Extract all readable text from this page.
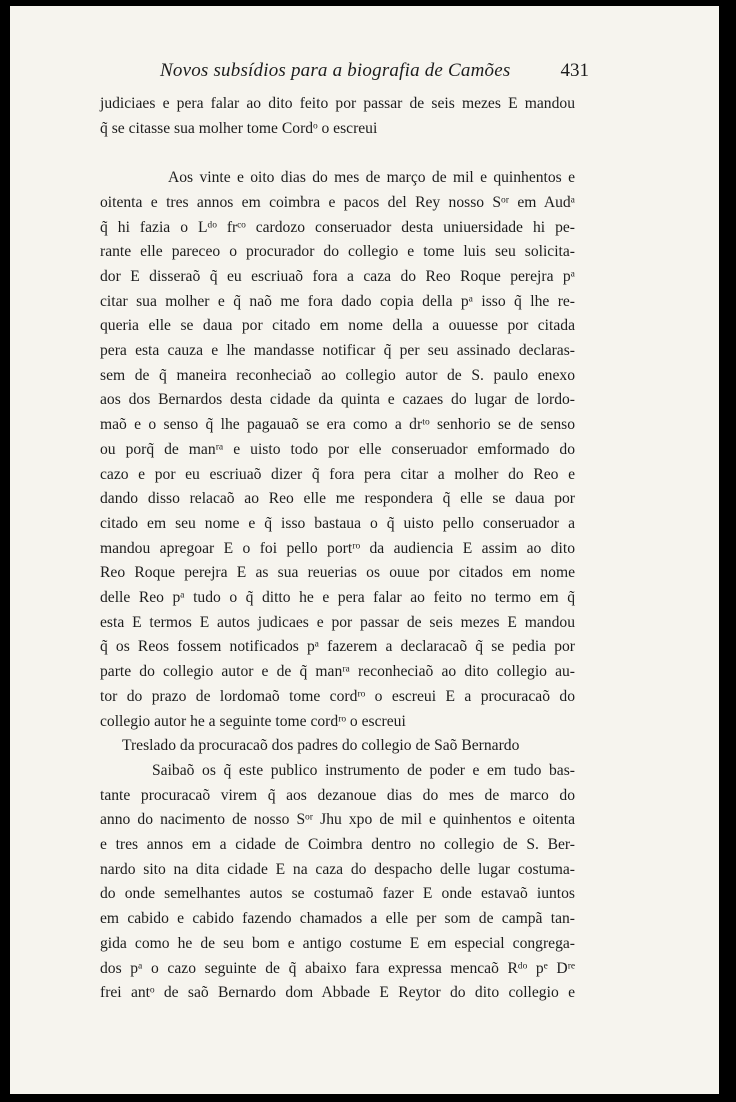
Novos subsídios para a biografia de Camões	431

judiciaes e pera falar ao dito feito por passar de seis mezes E mandou
q̃ se citasse sua molher tome Cordᵒ o escreui

Aos vinte e oito dias do mes de março de mil e quinhentos e
oitenta e tres annos em coimbra e pacos del Rey nosso Sᵒʳ em Audᵃ
q̃ hi fazia o Lᵈᵒ frᶜᵒ cardozo conseruador desta uniuersidade hi pe-
rante elle pareceo o procurador do collegio e tome luis seu solicita-
dor E disseraõ q̃ eu escriuaõ fora a caza do Reo Roque perejra pᵃ
citar sua molher e q̃ naõ me fora dado copia della pᵃ isso q̃ lhe re-
queria elle se daua por citado em nome della a ouuesse por citada
pera esta cauza e lhe mandasse notificar q̃ per seu assinado declaras-
sem de q̃ maneira reconheciaõ ao collegio autor de S. paulo enexo
aos dos Bernardos desta cidade da quinta e cazaes do lugar de lordo-
maõ e o senso q̃ lhe pagauaõ se era como a drᵗᵒ senhorio se de senso
ou porq̃ de manʳᵃ e uisto todo por elle conseruador emformado do
cazo e por eu escriuaõ dizer q̃ fora pera citar a molher do Reo e
dando disso relacaõ ao Reo elle me respondera q̃ elle se daua por
citado em seu nome e q̃ isso bastaua o q̃ uisto pello conseruador a
mandou apregoar E o foi pello portʳᵒ da audiencia E assim ao dito
Reo Roque perejra E as sua reuerias os ouue por citados em nome
delle Reo pᵃ tudo o q̃ ditto he e pera falar ao feito no termo em q̃
esta E termos E autos judicaes e por passar de seis mezes E mandou
q̃ os Reos fossem notificados pᵃ fazerem a declaracaõ q̃ se pedia por
parte do collegio autor e de q̃ manʳᵃ reconheciaõ ao dito collegio au-
tor do prazo de lordomaõ tome cordʳᵒ o escreui E a procuracaõ do
collegio autor he a seguinte tome cordʳᵒ o escreui

Treslado da procuracaõ dos padres do collegio de Saõ Bernardo

Saibaõ os q̃ este publico instrumento de poder e em tudo bas-
tante procuracaõ virem q̃ aos dezanoue dias do mes de marco do
anno do nacimento de nosso Sᵒʳ Jhu xpo de mil e quinhentos e oitenta
e tres annos em a cidade de Coimbra dentro no collegio de S. Ber-
nardo sito na dita cidade E na caza do despacho delle lugar costuma-
do onde semelhantes autos se costumaõ fazer E onde estavaõ iuntos
em cabido e cabido fazendo chamados a elle per som de campã tan-
gida como he de seu bom e antigo costume E em especial congrega-
dos pᵃ o cazo seguinte de q̃ abaixo fara expressa mencaõ Rᵈᵒ pᵉ Dʳᵉ
frei antᵒ de saõ Bernardo dom Abbade E Reytor do dito collegio e
